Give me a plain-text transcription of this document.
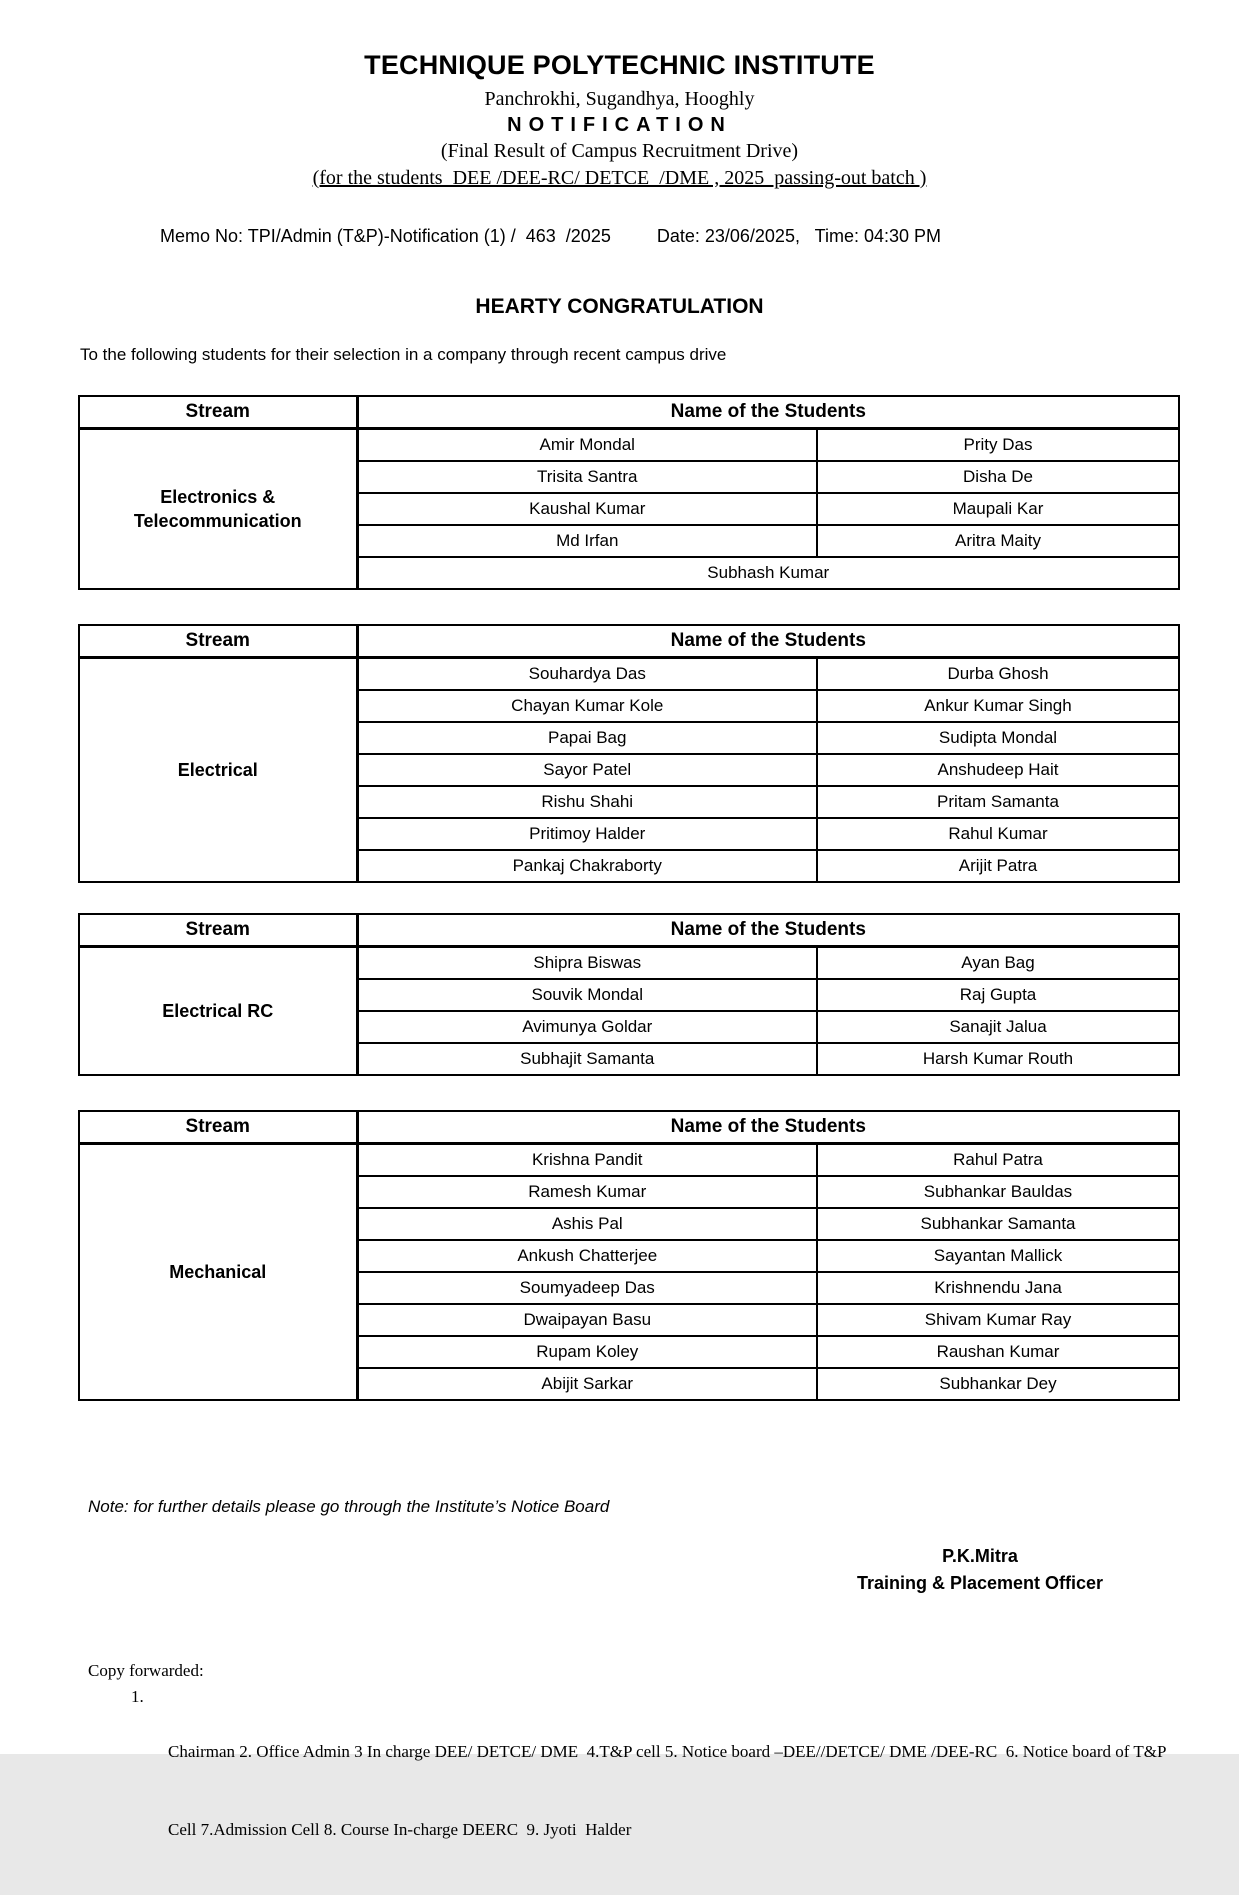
TECHNIQUE POLYTECHNIC INSTITUTE
Panchrokhi, Sugandhya, Hooghly
NOTIFICATION
(Final Result of Campus Recruitment Drive)
(for the students  DEE /DEE-RC/ DETCE  /DME , 2025  passing-out batch )
Memo No: TPI/Admin (T&P)-Notification (1) /  463  /2025	Date: 23/06/2025,   Time: 04:30 PM
HEARTY CONGRATULATION
To the following students for their selection in a company through recent campus drive
Stream	Name of the Students	
Electronics & Telecommunication	Amir Mondal	Prity Das
	Trisita Santra	Disha De
	Kaushal Kumar	Maupali Kar
	Md Irfan	Aritra Maity
	Subhash Kumar	
Stream	Name of the Students	
Electrical	Souhardya Das	Durba Ghosh
	Chayan Kumar Kole	Ankur Kumar Singh
	Papai Bag	Sudipta Mondal
	Sayor Patel	Anshudeep Hait
	Rishu Shahi	Pritam Samanta
	Pritimoy Halder	Rahul Kumar
	Pankaj Chakraborty	Arijit Patra
Stream	Name of the Students	
Electrical RC	Shipra Biswas	Ayan Bag
	Souvik Mondal	Raj Gupta
	Avimunya Goldar	Sanajit Jalua
	Subhajit Samanta	Harsh Kumar Routh
Stream	Name of the Students	
Mechanical	Krishna Pandit	Rahul Patra
	Ramesh Kumar	Subhankar Bauldas
	Ashis Pal	Subhankar Samanta
	Ankush Chatterjee	Sayantan Mallick
	Soumyadeep Das	Krishnendu Jana
	Dwaipayan Basu	Shivam Kumar Ray
	Rupam Koley	Raushan Kumar
	Abijit Sarkar	Subhankar Dey
Note: for further details please go through the Institute’s Notice Board
P.K.Mitra
Training & Placement Officer
Copy forwarded:
1.

Chairman 2. Office Admin 3 In charge DEE/ DETCE/ DME  4.T&P cell 5. Notice board –DEE//DETCE/ DME /DEE-RC  6. Notice board of T&P

Cell 7.Admission Cell 8. Course In-charge DEERC  9. Jyoti  Halder
